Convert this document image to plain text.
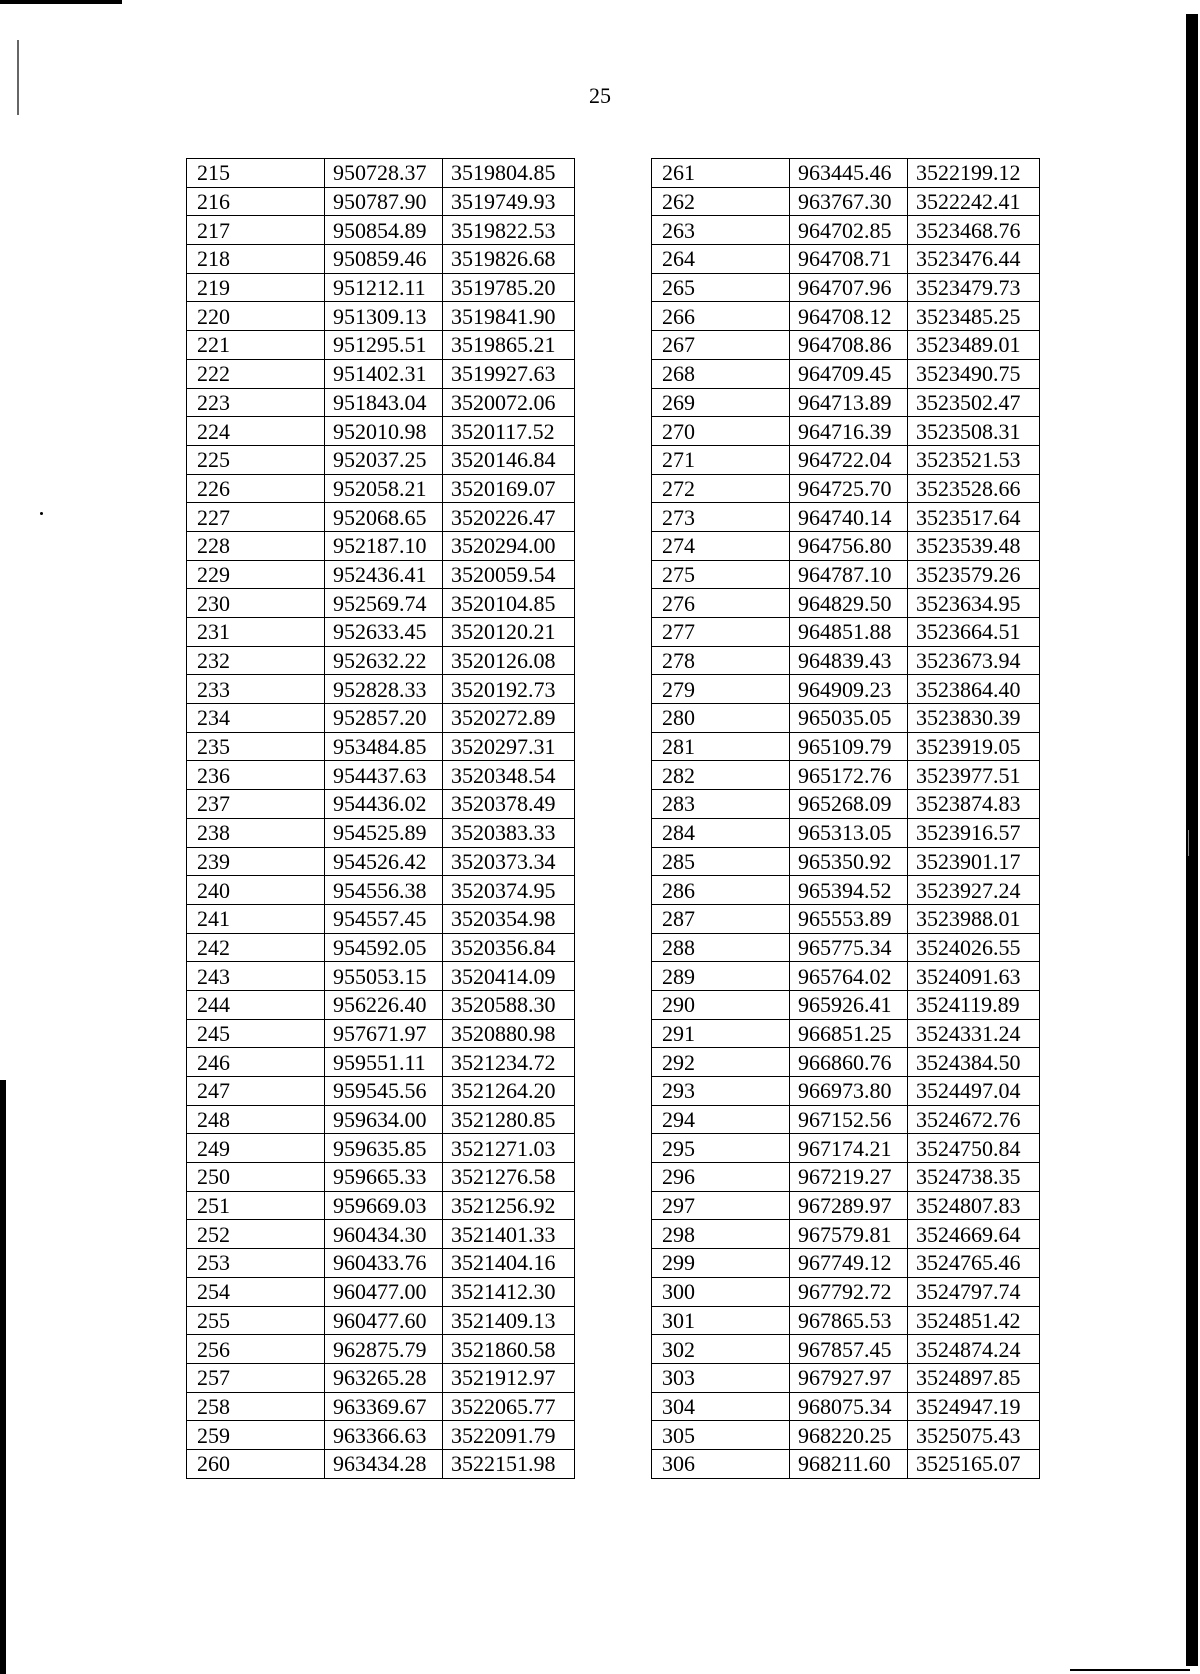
25
215	950728.37	3519804.85
216	950787.90	3519749.93
217	950854.89	3519822.53
218	950859.46	3519826.68
219	951212.11	3519785.20
220	951309.13	3519841.90
221	951295.51	3519865.21
222	951402.31	3519927.63
223	951843.04	3520072.06
224	952010.98	3520117.52
225	952037.25	3520146.84
226	952058.21	3520169.07
227	952068.65	3520226.47
228	952187.10	3520294.00
229	952436.41	3520059.54
230	952569.74	3520104.85
231	952633.45	3520120.21
232	952632.22	3520126.08
233	952828.33	3520192.73
234	952857.20	3520272.89
235	953484.85	3520297.31
236	954437.63	3520348.54
237	954436.02	3520378.49
238	954525.89	3520383.33
239	954526.42	3520373.34
240	954556.38	3520374.95
241	954557.45	3520354.98
242	954592.05	3520356.84
243	955053.15	3520414.09
244	956226.40	3520588.30
245	957671.97	3520880.98
246	959551.11	3521234.72
247	959545.56	3521264.20
248	959634.00	3521280.85
249	959635.85	3521271.03
250	959665.33	3521276.58
251	959669.03	3521256.92
252	960434.30	3521401.33
253	960433.76	3521404.16
254	960477.00	3521412.30
255	960477.60	3521409.13
256	962875.79	3521860.58
257	963265.28	3521912.97
258	963369.67	3522065.77
259	963366.63	3522091.79
260	963434.28	3522151.98
261	963445.46	3522199.12
262	963767.30	3522242.41
263	964702.85	3523468.76
264	964708.71	3523476.44
265	964707.96	3523479.73
266	964708.12	3523485.25
267	964708.86	3523489.01
268	964709.45	3523490.75
269	964713.89	3523502.47
270	964716.39	3523508.31
271	964722.04	3523521.53
272	964725.70	3523528.66
273	964740.14	3523517.64
274	964756.80	3523539.48
275	964787.10	3523579.26
276	964829.50	3523634.95
277	964851.88	3523664.51
278	964839.43	3523673.94
279	964909.23	3523864.40
280	965035.05	3523830.39
281	965109.79	3523919.05
282	965172.76	3523977.51
283	965268.09	3523874.83
284	965313.05	3523916.57
285	965350.92	3523901.17
286	965394.52	3523927.24
287	965553.89	3523988.01
288	965775.34	3524026.55
289	965764.02	3524091.63
290	965926.41	3524119.89
291	966851.25	3524331.24
292	966860.76	3524384.50
293	966973.80	3524497.04
294	967152.56	3524672.76
295	967174.21	3524750.84
296	967219.27	3524738.35
297	967289.97	3524807.83
298	967579.81	3524669.64
299	967749.12	3524765.46
300	967792.72	3524797.74
301	967865.53	3524851.42
302	967857.45	3524874.24
303	967927.97	3524897.85
304	968075.34	3524947.19
305	968220.25	3525075.43
306	968211.60	3525165.07
